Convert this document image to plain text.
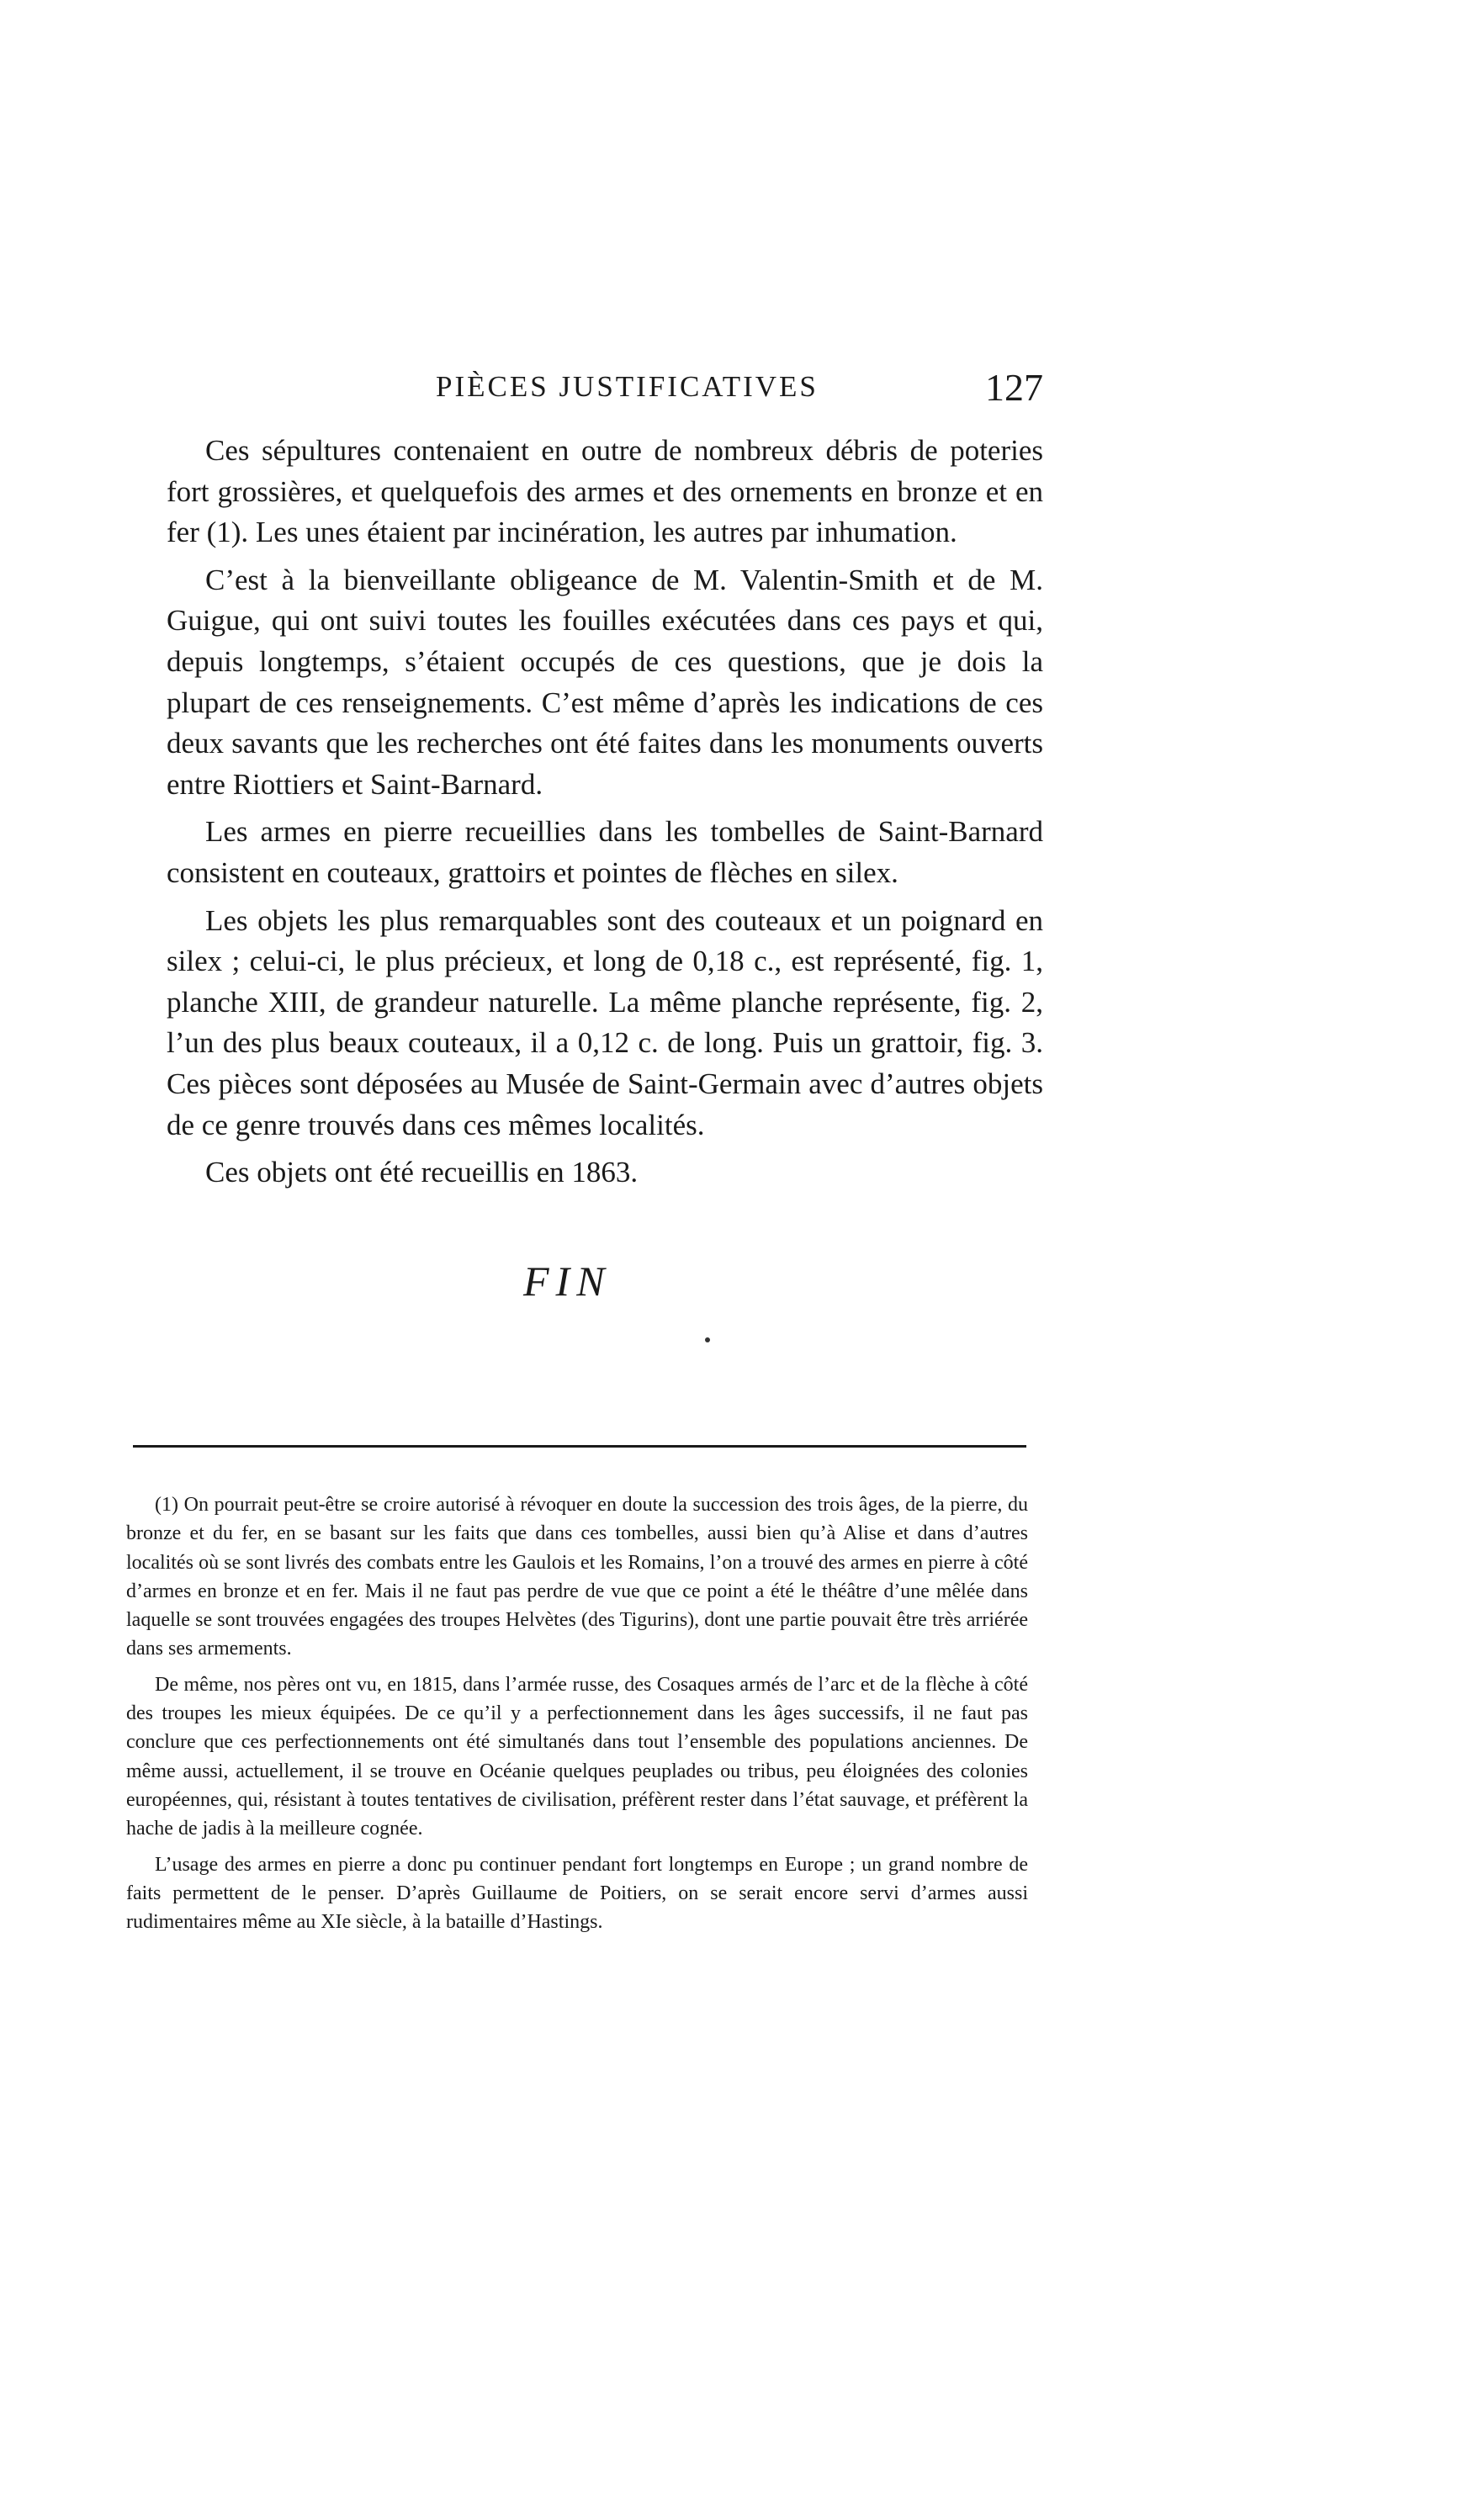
PIÈCES JUSTIFICATIVES	127

Ces sépultures contenaient en outre de nombreux débris de poteries fort grossières, et quelquefois des armes et des ornements en bronze et en fer (1). Les unes étaient par incinération, les autres par inhumation.

C’est à la bienveillante obligeance de M. Valentin-Smith et de M. Guigue, qui ont suivi toutes les fouilles exécutées dans ces pays et qui, depuis longtemps, s’étaient occupés de ces questions, que je dois la plupart de ces renseignements. C’est même d’après les indications de ces deux savants que les recherches ont été faites dans les monuments ouverts entre Riottiers et Saint-Barnard.

Les armes en pierre recueillies dans les tombelles de Saint-Barnard consistent en couteaux, grattoirs et pointes de flèches en silex.

Les objets les plus remarquables sont des couteaux et un poignard en silex ; celui-ci, le plus précieux, et long de 0,18 c., est représenté, fig. 1, planche XIII, de grandeur naturelle. La même planche représente, fig. 2, l’un des plus beaux couteaux, il a 0,12 c. de long. Puis un grattoir, fig. 3. Ces pièces sont déposées au Musée de Saint-Germain avec d’autres objets de ce genre trouvés dans ces mêmes localités.

Ces objets ont été recueillis en 1863.

FIN

(1) On pourrait peut-être se croire autorisé à révoquer en doute la succession des trois âges, de la pierre, du bronze et du fer, en se basant sur les faits que dans ces tombelles, aussi bien qu’à Alise et dans d’autres localités où se sont livrés des combats entre les Gaulois et les Romains, l’on a trouvé des armes en pierre à côté d’armes en bronze et en fer. Mais il ne faut pas perdre de vue que ce point a été le théâtre d’une mêlée dans laquelle se sont trouvées engagées des troupes Helvètes (des Tigurins), dont une partie pouvait être très arriérée dans ses armements.

De même, nos pères ont vu, en 1815, dans l’armée russe, des Cosaques armés de l’arc et de la flèche à côté des troupes les mieux équipées. De ce qu’il y a perfectionnement dans les âges successifs, il ne faut pas conclure que ces perfectionnements ont été simultanés dans tout l’ensemble des populations anciennes. De même aussi, actuellement, il se trouve en Océanie quelques peuplades ou tribus, peu éloignées des colonies européennes, qui, résistant à toutes tentatives de civilisation, préfèrent rester dans l’état sauvage, et préfèrent la hache de jadis à la meilleure cognée.

L’usage des armes en pierre a donc pu continuer pendant fort longtemps en Europe ; un grand nombre de faits permettent de le penser. D’après Guillaume de Poitiers, on se serait encore servi d’armes aussi rudimentaires même au XIe siècle, à la bataille d’Hastings.
